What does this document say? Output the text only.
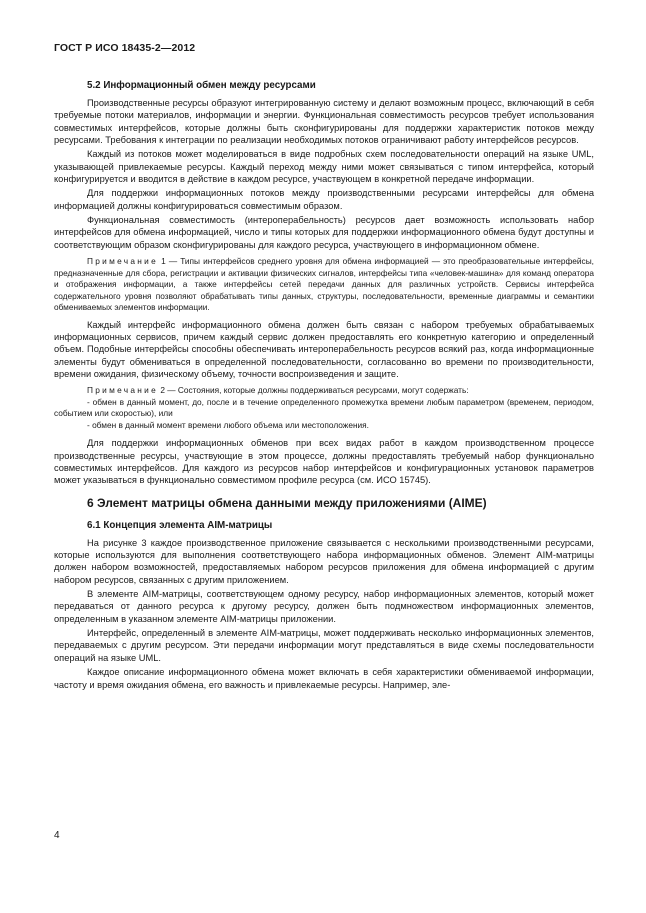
ГОСТ Р ИСО 18435-2—2012
5.2 Информационный обмен между ресурсами

Производственные ресурсы образуют интегрированную систему и делают возможным процесс, включающий в себя требуемые потоки материалов, информации и энергии. Функциональная совместимость ресурсов требует использования совместимых интерфейсов, которые должны быть сконфигурированы для поддержки характеристик потоков между ресурсами. Требования к интеграции по реализации необходимых потоков ограничивают работу интерфейсов ресурсов.

Каждый из потоков может моделироваться в виде подробных схем последовательности операций на языке UML, указывающей привлекаемые ресурсы. Каждый переход между ними может связываться с типом интерфейса, который конфигурируется и вводится в действие в каждом ресурсе, участвующем в конкретной передаче информации.

Для поддержки информационных потоков между производственными ресурсами интерфейсы для обмена информацией должны конфигурироваться совместимым образом.

Функциональная совместимость (интероперабельность) ресурсов дает возможность использовать набор интерфейсов для обмена информацией, число и типы которых для поддержки информационного обмена будут доступны и соответствующим образом сконфигурированы для каждого ресурса, участвующего в информационном обмене.

Примечание 1 — Типы интерфейсов среднего уровня для обмена информацией — это преобразовательные интерфейсы, предназначенные для сбора, регистрации и активации физических сигналов, интерфейсы типа «человек-машина» для команд оператора и отображения информации, а также интерфейсы сетей передачи данных для различных устройств. Сервисы интерфейса содержательного уровня позволяют обрабатывать типы данных, структуры, последовательности, временные диаграммы и семантики обмениваемых элементов информации.

Каждый интерфейс информационного обмена должен быть связан с набором требуемых обрабатываемых информационных сервисов, причем каждый сервис должен предоставлять его конкретную категорию и определенный объем. Подобные интерфейсы способны обеспечивать интероперабельность ресурсов всякий раз, когда информационные элементы будут обмениваться в определенной последовательности, согласованно во времени по производительности, времени ожидания, физическому объему, точности воспроизведения и защите.

Примечание 2 — Состояния, которые должны поддерживаться ресурсами, могут содержать:

- обмен в данный момент, до, после и в течение определенного промежутка времени любым параметром (временем, периодом, событием или скоростью), или

- обмен в данный момент времени любого объема или местоположения.

Для поддержки информационных обменов при всех видах работ в каждом производственном процессе производственные ресурсы, участвующие в этом процессе, должны предоставлять требуемый набор функционально совместимых интерфейсов. Для каждого из ресурсов набор интерфейсов и конфигурационных установок параметров может указываться в функционально совместимом профиле ресурса (см. ИСО 15745).

6 Элемент матрицы обмена данными между приложениями (AIME)
6.1 Концепция элемента AIM-матрицы

На рисунке 3 каждое производственное приложение связывается с несколькими производственными ресурсами, которые используются для выполнения соответствующего набора информационных обменов. Элемент AIM-матрицы должен набором возможностей, предоставляемых набором ресурсов приложения для обмена информацией с другим набором ресурсов, связанных с другим приложением.

В элементе AIM-матрицы, соответствующем одному ресурсу, набор информационных элементов, который может передаваться от данного ресурса к другому ресурсу, должен быть подмножеством информационных элементов, определенным в указанном элементе AIM-матрицы приложении.

Интерфейс, определенный в элементе AIM-матрицы, может поддерживать несколько информационных элементов, передаваемых с другим ресурсом. Эти передачи информации могут представляться в виде схемы последовательности операций на языке UML.

Каждое описание информационного обмена может включать в себя характеристики обмениваемой информации, частоту и время ожидания обмена, его важность и привлекаемые ресурсы. Например, эле-

4
